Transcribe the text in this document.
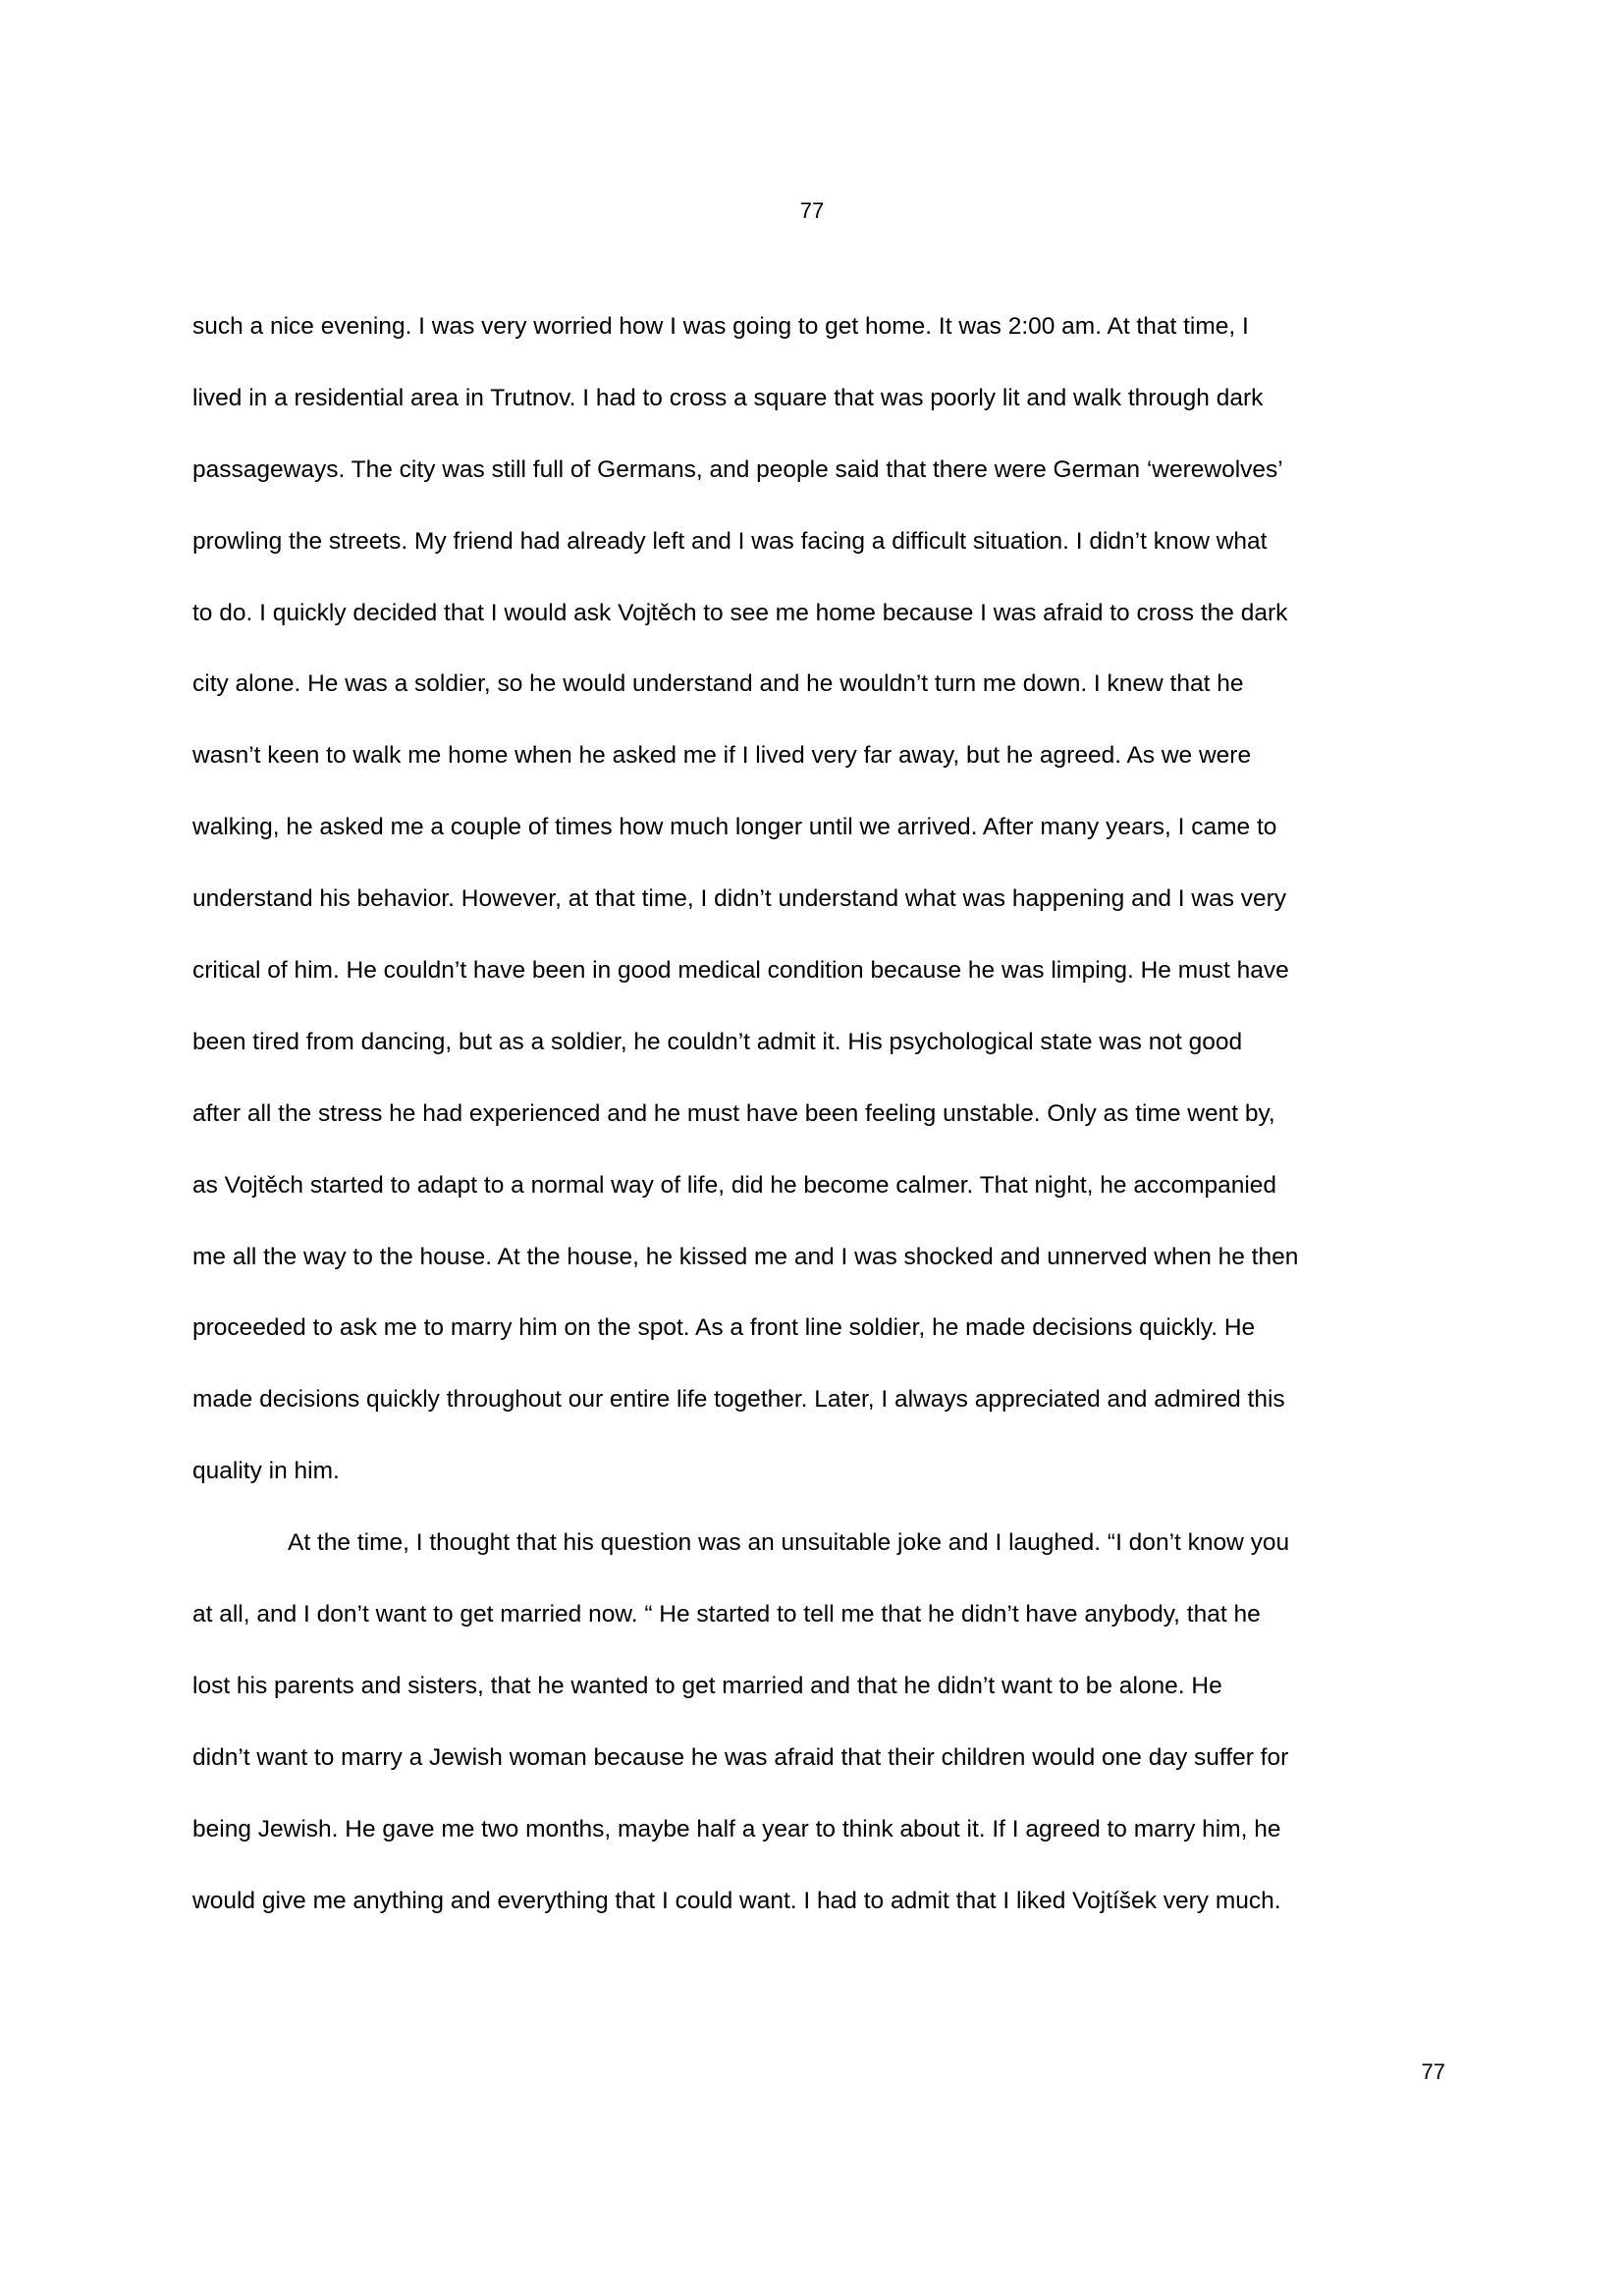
77
such a nice evening. I was very worried how I was going to get home. It was 2:00 am. At that time, I
lived in a residential area in Trutnov. I had to cross a square that was poorly lit and walk through dark
passageways. The city was still full of Germans, and people said that there were German ‘werewolves’
prowling the streets. My friend had already left and I was facing a difficult situation. I didn’t know what
to do. I quickly decided that I would ask Vojtěch to see me home because I was afraid to cross the dark
city alone. He was a soldier, so he would understand and he wouldn’t turn me down. I knew that he
wasn’t keen to walk me home when he asked me if I lived very far away, but he agreed. As we were
walking, he asked me a couple of times how much longer until we arrived. After many years, I came to
understand his behavior. However, at that time, I didn’t understand what was happening and I was very
critical of him. He couldn’t have been in good medical condition because he was limping. He must have
been tired from dancing, but as a soldier, he couldn’t admit it. His psychological state was not good
after all the stress he had experienced and he must have been feeling unstable. Only as time went by,
as Vojtěch started to adapt to a normal way of life, did he become calmer. That night, he accompanied
me all the way to the house. At the house, he kissed me and I was shocked and unnerved when he then
proceeded to ask me to marry him on the spot. As a front line soldier, he made decisions quickly. He
made decisions quickly throughout our entire life together. Later, I always appreciated and admired this
quality in him.
At the time, I thought that his question was an unsuitable joke and I laughed. “I don’t know you
at all, and I don’t want to get married now. “ He started to tell me that he didn’t have anybody, that he
lost his parents and sisters, that he wanted to get married and that he didn’t want to be alone. He
didn’t want to marry a Jewish woman because he was afraid that their children would one day suffer for
being Jewish. He gave me two months, maybe half a year to think about it. If I agreed to marry him, he
would give me anything and everything that I could want. I had to admit that I liked Vojtíšek very much.
77
